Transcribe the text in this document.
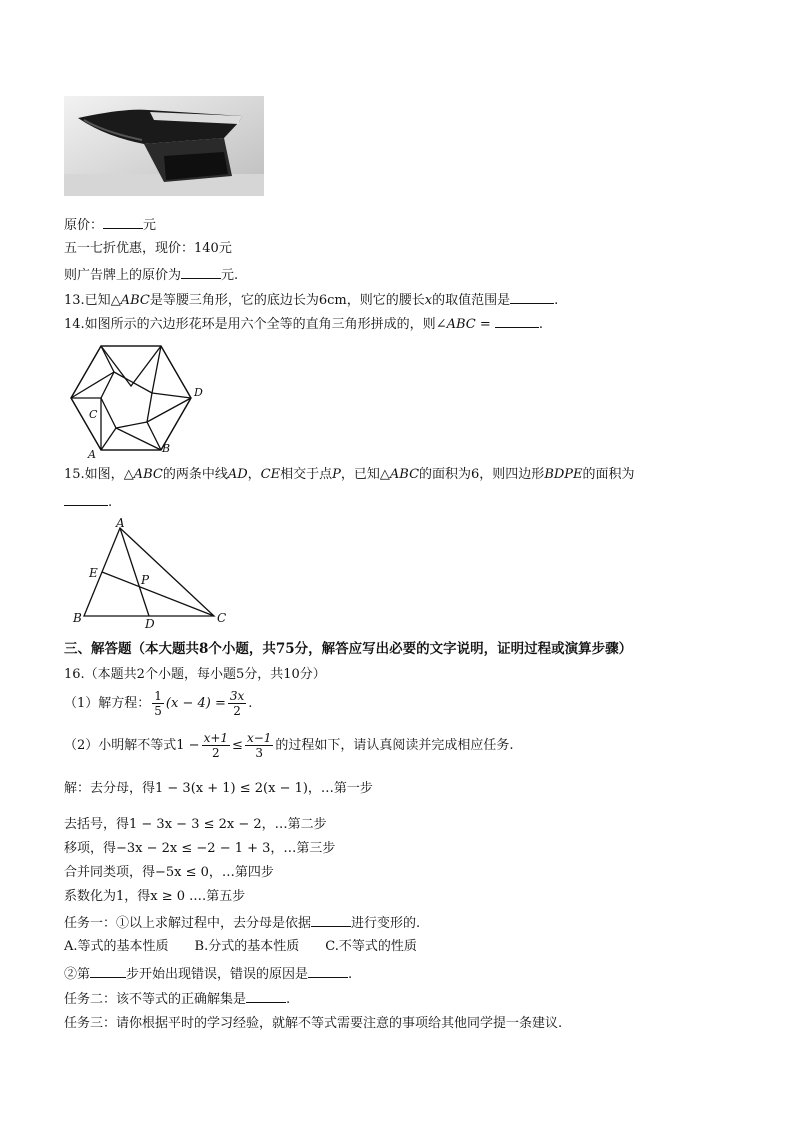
原价：	元
五一七折优惠，现价：140元
则广告牌上的原价为	元.
13.已知△ABC是等腰三角形，它的底边长为6cm，则它的腰长x的取值范围是	.
14.如图所示的六边形花环是用六个全等的直角三角形拼成的，则∠ABC =	.
A	B
C
D
15.如图，△ABC的两条中线AD，CE相交于点P，已知△ABC的面积为6，则四边形BDPE的面积为
.
A
B	C
D
E	P
三、解答题（本大题共8个小题，共75分，解答应写出必要的文字说明，证明过程或演算步骤）
16.（本题共2个小题，每小题5分，共10分）
（1）解方程： $\frac{1}{5} (x - 4) = \frac{3x}{2}$ .
（2）小明解不等式$1 - \frac{x+1}{2} \le \frac{x-1}{3}$ 的过程如下，请认真阅读并完成相应任务.
解：去分母，得1 − 3(x + 1) ≤ 2(x − 1)，…第一步
去括号，得1 − 3x − 3 ≤ 2x − 2，…第二步
移项，得−3x − 2x ≤ −2 − 1 + 3，…第三步
合并同类项，得−5x ≤ 0，…第四步
系数化为1，得x ≥ 0 .…第五步
任务一：①以上求解过程中，去分母是依据	进行变形的.
A.等式的基本性质 B.分式的基本性质 C.不等式的性质
②第	步开始出现错误，错误的原因是	.
任务二：该不等式的正确解集是	.
任务三：请你根据平时的学习经验，就解不等式需要注意的事项给其他同学提一条建议.
